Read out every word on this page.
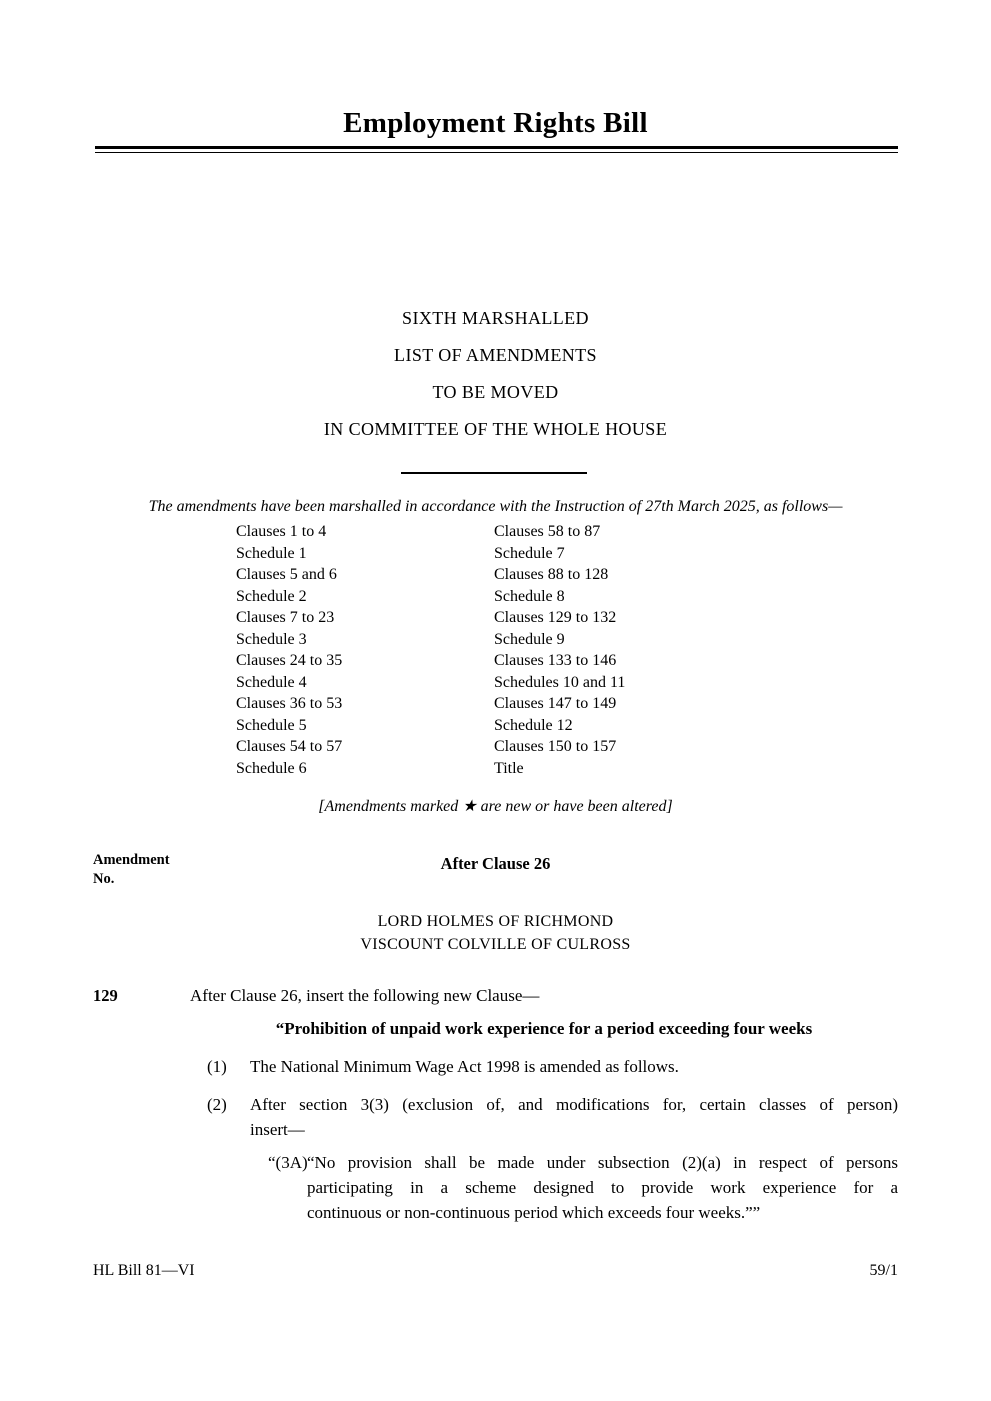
Employment Rights Bill
SIXTH MARSHALLED
LIST OF AMENDMENTS
TO BE MOVED
IN COMMITTEE OF THE WHOLE HOUSE
The amendments have been marshalled in accordance with the Instruction of 27th March 2025, as follows—
Clauses 1 to 4
Schedule 1
Clauses 5 and 6
Schedule 2
Clauses 7 to 23
Schedule 3
Clauses 24 to 35
Schedule 4
Clauses 36 to 53
Schedule 5
Clauses 54 to 57
Schedule 6
Clauses 58 to 87
Schedule 7
Clauses 88 to 128
Schedule 8
Clauses 129 to 132
Schedule 9
Clauses 133 to 146
Schedules 10 and 11
Clauses 147 to 149
Schedule 12
Clauses 150 to 157
Title
[Amendments marked ★ are new or have been altered]
Amendment
No.
After Clause 26
LORD HOLMES OF RICHMOND
VISCOUNT COLVILLE OF CULROSS
129	After Clause 26, insert the following new Clause—
“Prohibition of unpaid work experience for a period exceeding four weeks
(1) The National Minimum Wage Act 1998 is amended as follows.
(2) After section 3(3) (exclusion of, and modifications for, certain classes of person)
insert—
“(3A) “No provision shall be made under subsection (2)(a) in respect of persons
participating in a scheme designed to provide work experience for a
continuous or non-continuous period which exceeds four weeks.””
HL Bill 81—VI	59/1
